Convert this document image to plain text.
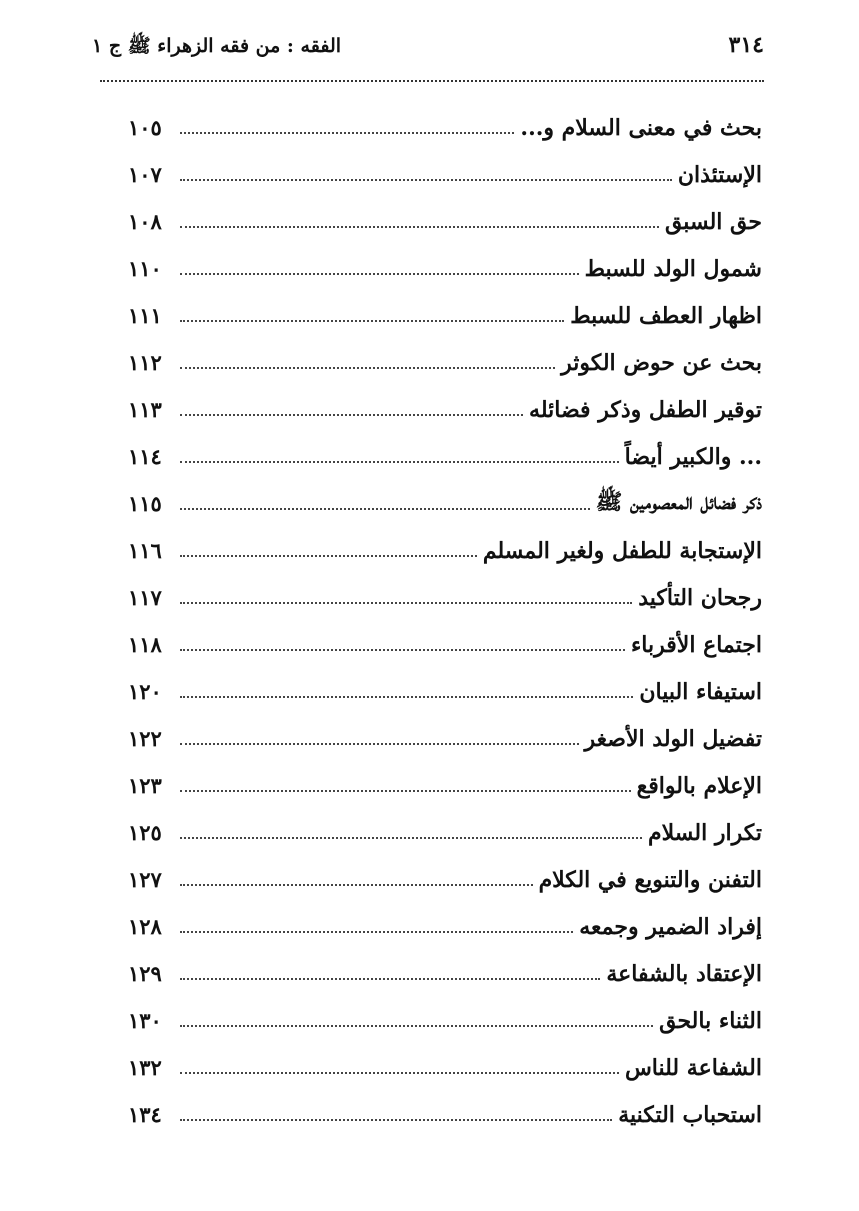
٣١٤
الفقه : من فقه الزهراء ﷺ ج ١
بحث في معنى السلام و...
١٠٥
الإستئذان
١٠٧
حق السبق
١٠٨
شمول الولد للسبط
١١٠
اظهار العطف للسبط
١١١
بحث عن حوض الكوثر
١١٢
توقير الطفل وذكر فضائله
١١٣
... والكبير أيضاً
١١٤
ذكر فضائل المعصومين ﷺ
١١٥
الإستجابة للطفل ولغير المسلم
١١٦
رجحان التأكيد
١١٧
اجتماع الأقرباء
١١٨
استيفاء البيان
١٢٠
تفضيل الولد الأصغر
١٢٢
الإعلام بالواقع
١٢٣
تكرار السلام
١٢٥
التفنن والتنويع في الكلام
١٢٧
إفراد الضمير وجمعه
١٢٨
الإعتقاد بالشفاعة
١٢٩
الثناء بالحق
١٣٠
الشفاعة للناس
١٣٢
استحباب التكنية
١٣٤
